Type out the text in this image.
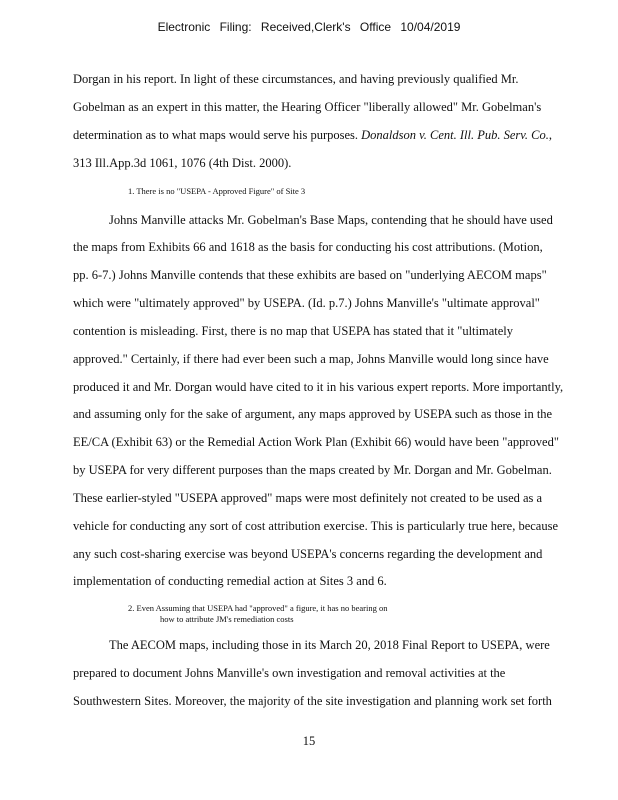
Electronic Filing: Received,Clerk's Office 10/04/2019
Dorgan in his report. In light of these circumstances, and having previously qualified Mr.
Gobelman as an expert in this matter, the Hearing Officer "liberally allowed" Mr. Gobelman's
determination as to what maps would serve his purposes. Donaldson v. Cent. Ill. Pub. Serv. Co.,
313 Ill.App.3d 1061, 1076 (4th Dist. 2000).
1. There is no "USEPA - Approved Figure" of Site 3
Johns Manville attacks Mr. Gobelman's Base Maps, contending that he should have used
the maps from Exhibits 66 and 1618 as the basis for conducting his cost attributions. (Motion,
pp. 6-7.) Johns Manville contends that these exhibits are based on "underlying AECOM maps"
which were "ultimately approved" by USEPA. (Id. p.7.) Johns Manville's "ultimate approval"
contention is misleading. First, there is no map that USEPA has stated that it "ultimately
approved." Certainly, if there had ever been such a map, Johns Manville would long since have
produced it and Mr. Dorgan would have cited to it in his various expert reports. More importantly,
and assuming only for the sake of argument, any maps approved by USEPA such as those in the
EE/CA (Exhibit 63) or the Remedial Action Work Plan (Exhibit 66) would have been "approved"
by USEPA for very different purposes than the maps created by Mr. Dorgan and Mr. Gobelman.
These earlier-styled "USEPA approved" maps were most definitely not created to be used as a
vehicle for conducting any sort of cost attribution exercise. This is particularly true here, because
any such cost-sharing exercise was beyond USEPA's concerns regarding the development and
implementation of conducting remedial action at Sites 3 and 6.
2. Even Assuming that USEPA had "approved" a figure, it has no bearing on
how to attribute JM's remediation costs
The AECOM maps, including those in its March 20, 2018 Final Report to USEPA, were
prepared to document Johns Manville's own investigation and removal activities at the
Southwestern Sites. Moreover, the majority of the site investigation and planning work set forth
15
